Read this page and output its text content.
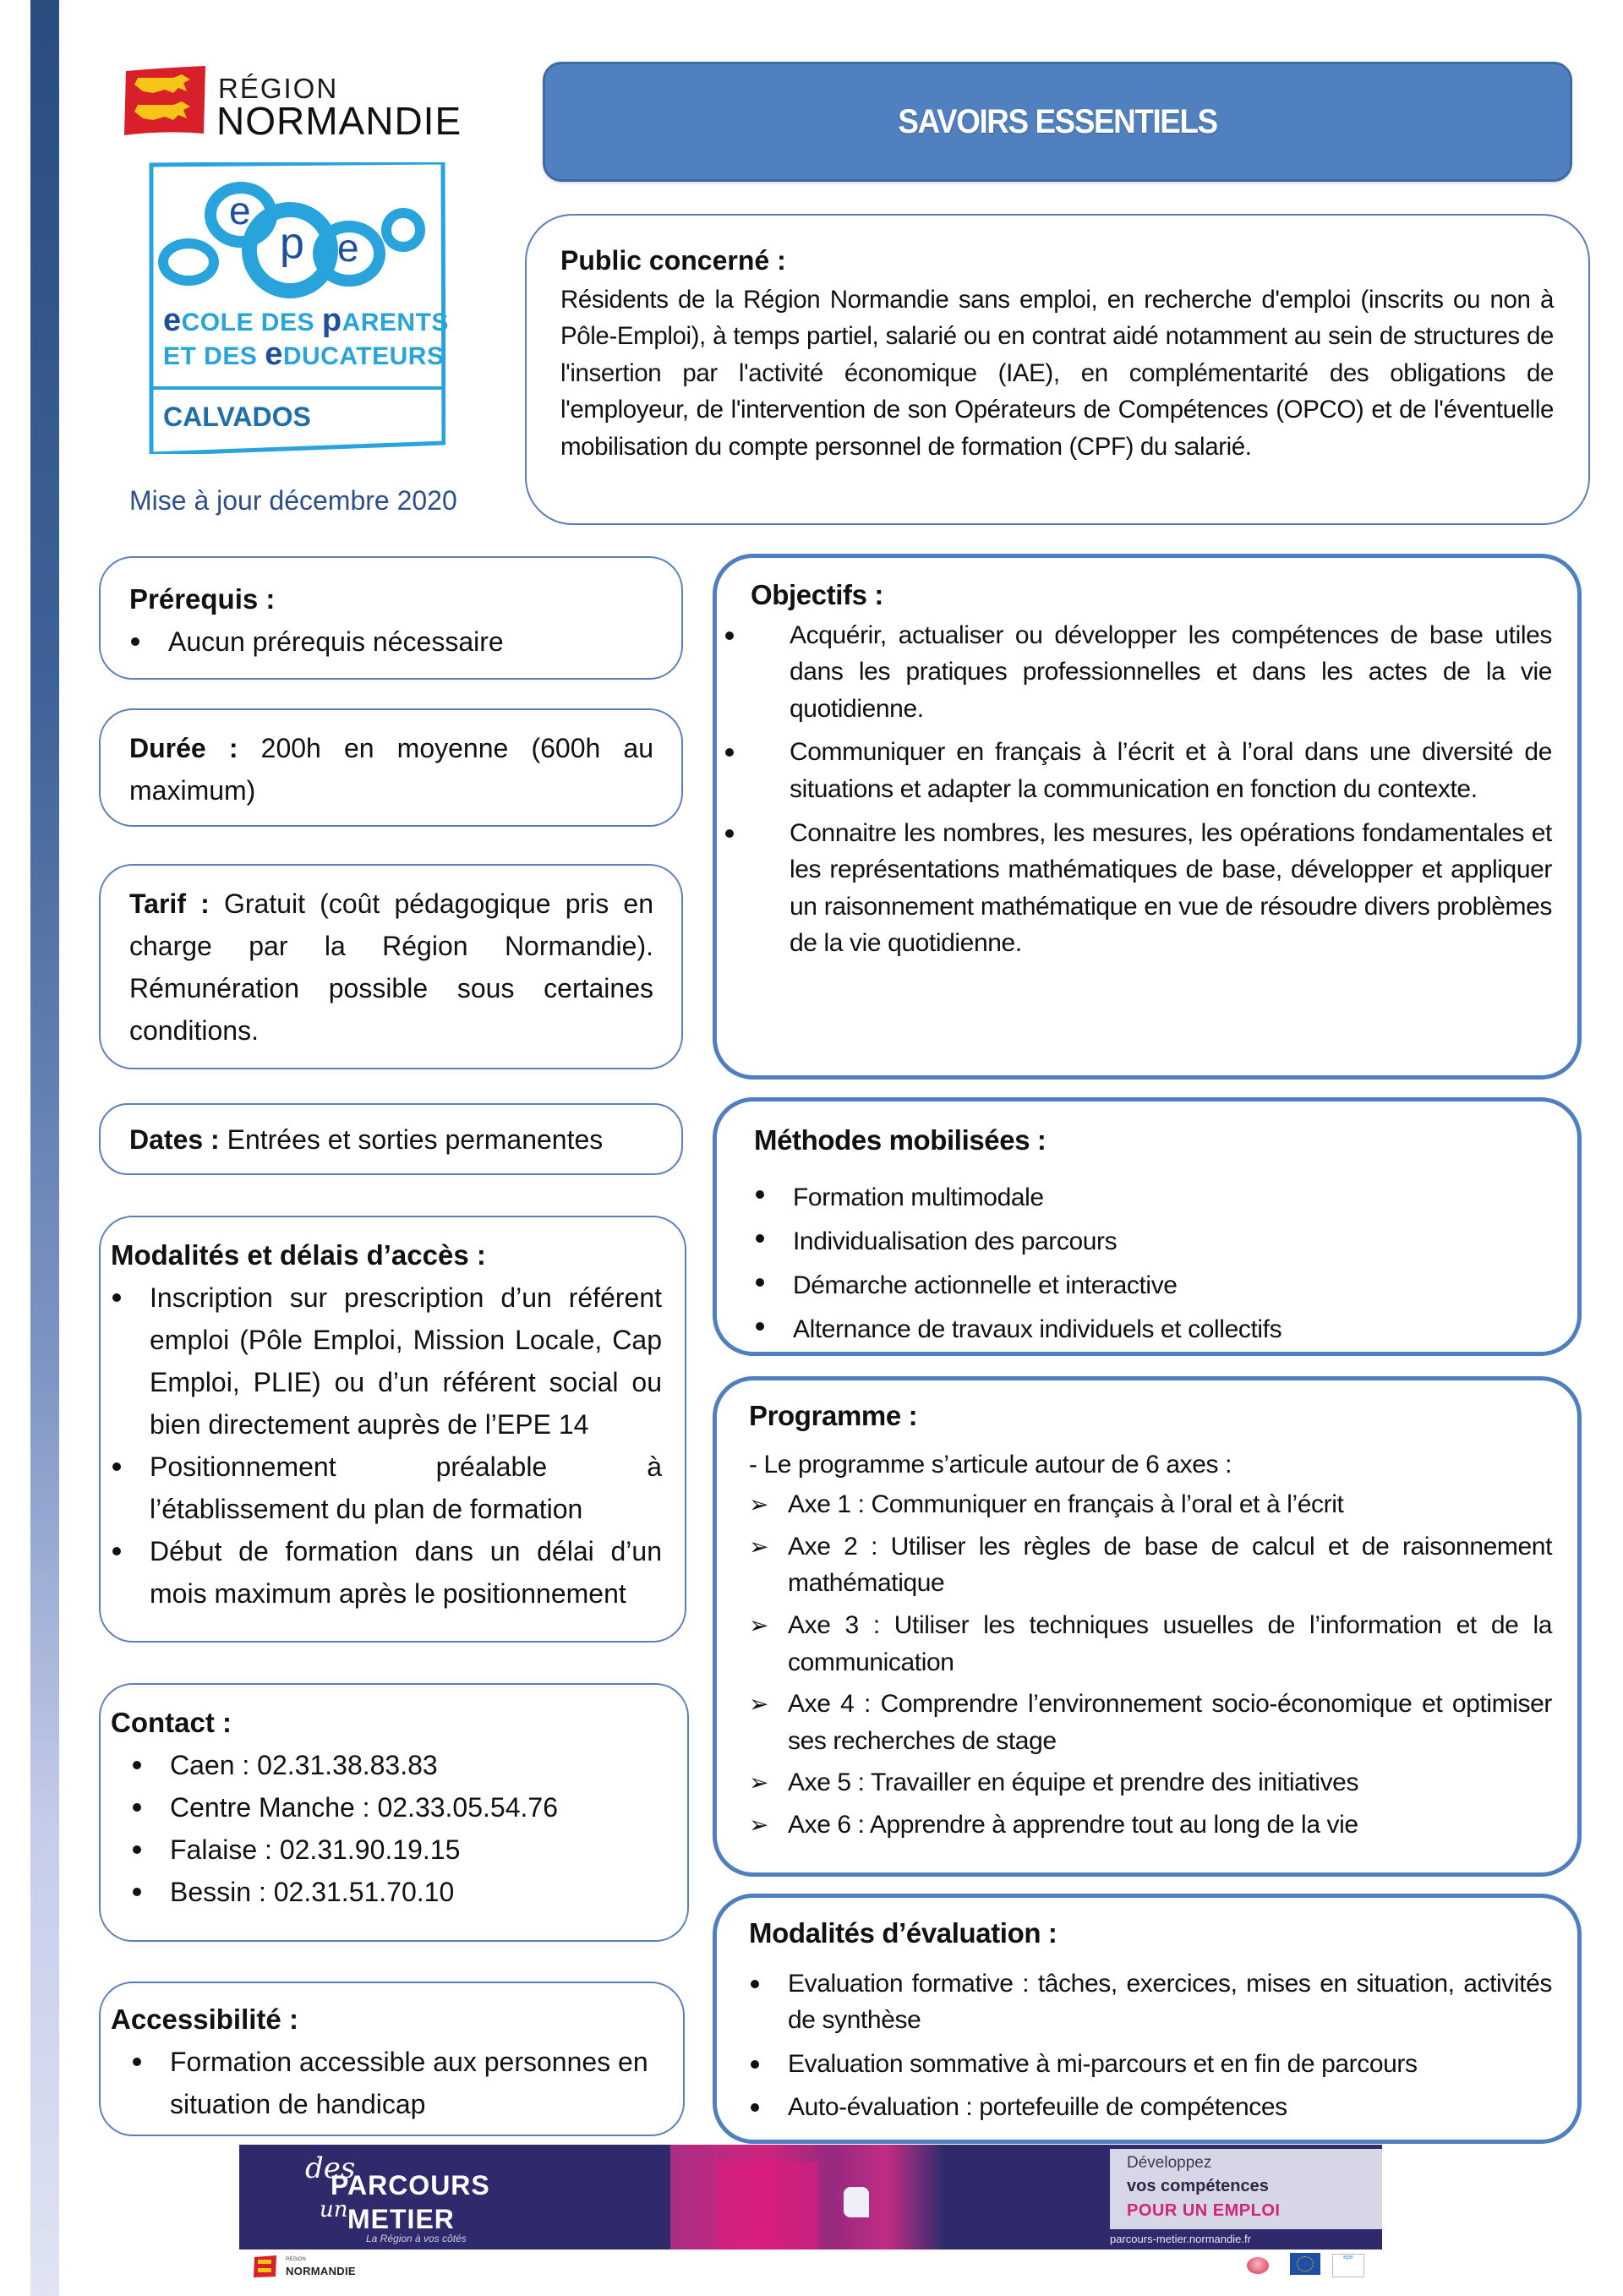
RÉGION
NORMANDIE
e
p e
eCOLE DES pARENTS
ET DES eDUCATEURS
CALVADOS
Mise à jour décembre 2020
SAVOIRS ESSENTIELS
Public concerné :
Résidents de la Région Normandie sans emploi, en recherche d'emploi (inscrits ou non à Pôle-Emploi), à temps partiel, salarié ou en contrat aidé notamment au sein de structures de l'insertion par l'activité économique (IAE), en complémentarité des obligations de l'employeur, de l'intervention de son Opérateurs de Compétences (OPCO) et de l'éventuelle mobilisation du compte personnel de formation (CPF) du salarié.
Prérequis :
Aucun prérequis nécessaire
Durée : 200h en moyenne (600h au maximum)
Tarif : Gratuit (coût pédagogique pris en charge par la Région Normandie). Rémunération possible sous certaines conditions.
Dates : Entrées et sorties permanentes
Modalités et délais d’accès :
Inscription sur prescription d’un référent emploi (Pôle Emploi, Mission Locale, Cap Emploi, PLIE) ou d’un référent social ou bien directement auprès de l’EPE 14
Positionnement préalable à l’établissement du plan de formation
Début de formation dans un délai d’un mois maximum après le positionnement
Contact :
Caen : 02.31.38.83.83
Centre Manche : 02.33.05.54.76
Falaise : 02.31.90.19.15
Bessin : 02.31.51.70.10
Accessibilité :
Formation accessible aux personnes en situation de handicap
Objectifs :
Acquérir, actualiser ou développer les compétences de base utiles dans les pratiques professionnelles et dans les actes de la vie quotidienne.
Communiquer en français à l’écrit et à l’oral dans une diversité de situations et adapter la communication en fonction du contexte.
Connaitre les nombres, les mesures, les opérations fondamentales et les représentations mathématiques de base, développer et appliquer un raisonnement mathématique en vue de résoudre divers problèmes de la vie quotidienne.
Méthodes mobilisées :
Formation multimodale
Individualisation des parcours
Démarche actionnelle et interactive
Alternance de travaux individuels et collectifs
Programme :
- Le programme s’articule autour de 6 axes :
➢ Axe 1 : Communiquer en français à l’oral et à l’écrit
➢ Axe 2 : Utiliser les règles de base de calcul et de raisonnement mathématique
➢ Axe 3 : Utiliser les techniques usuelles de l’information et de la communication
➢ Axe 4 : Comprendre l’environnement socio-économique et optimiser ses recherches de stage
➢ Axe 5 : Travailler en équipe et prendre des initiatives
➢ Axe 6 : Apprendre à apprendre tout au long de la vie
Modalités d’évaluation :
Evaluation formative : tâches, exercices, mises en situation, activités de synthèse
Evaluation sommative à mi-parcours et en fin de parcours
Auto-évaluation : portefeuille de compétences
des
PARCOURS
un METIER
La Région à vos côtés
Développez
vos compétences
POUR UN EMPLOI
parcours-metier.normandie.fr
RÉGION
NORMANDIE
epe
